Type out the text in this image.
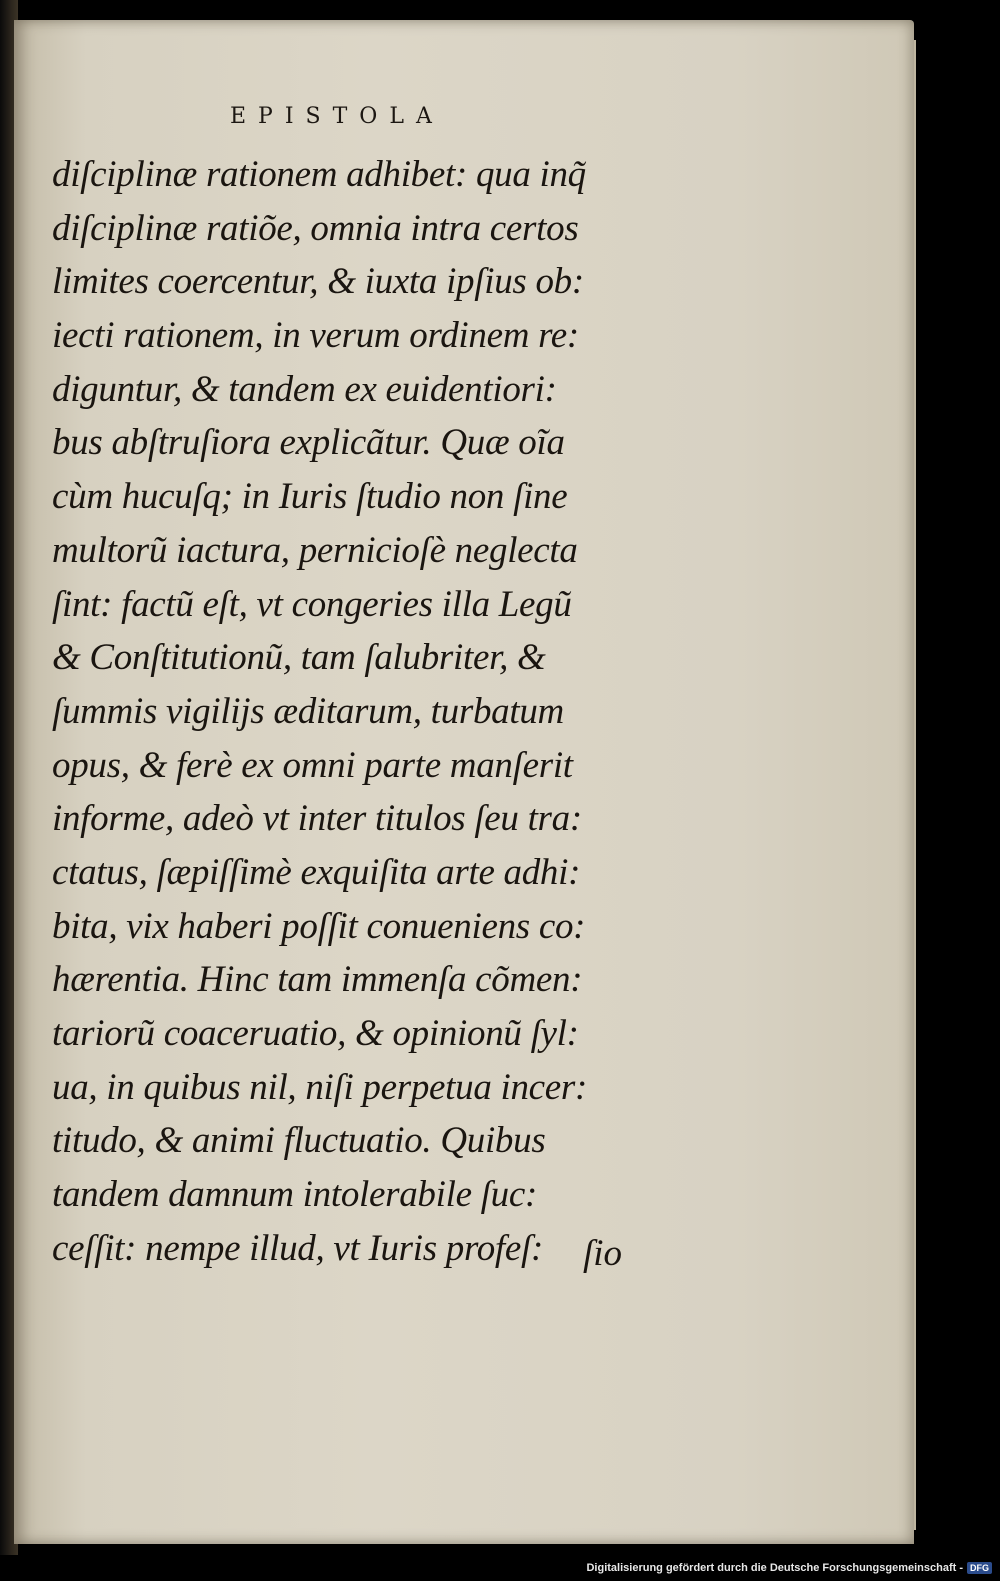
EPISTOLA
diſciplinæ rationem adhibet: qua inq̃
diſciplinæ ratiõe, omnia intra certos
limites coercentur, & iuxta ipſius ob:
iecti rationem, in verum ordinem re:
diguntur, & tandem ex euidentiori:
bus abſtruſiora explicãtur. Quæ oĩa
cùm hucuſq; in Iuris ſtudio non ſine
multorũ iactura, pernicioſè neglecta
ſint: factũ eſt, vt congeries illa Legũ
& Conſtitutionũ, tam ſalubriter, &
ſummis vigilijs æditarum, turbatum
opus, & ferè ex omni parte manſerit
informe, adeò vt inter titulos ſeu tra:
ctatus, ſæpiſſimè exquiſita arte adhi:
bita, vix haberi poſſit conueniens co:
hærentia. Hinc tam immenſa cõmen:
tariorũ coaceruatio, & opinionũ ſyl:
ua, in quibus nil, niſi perpetua incer:
titudo, & animi fluctuatio. Quibus
tandem damnum intolerabile ſuc:
ceſſit: nempe illud, vt Iuris profeſ:	ſio
Digitalisierung gefördert durch die Deutsche Forschungsgemeinschaft - DFG
